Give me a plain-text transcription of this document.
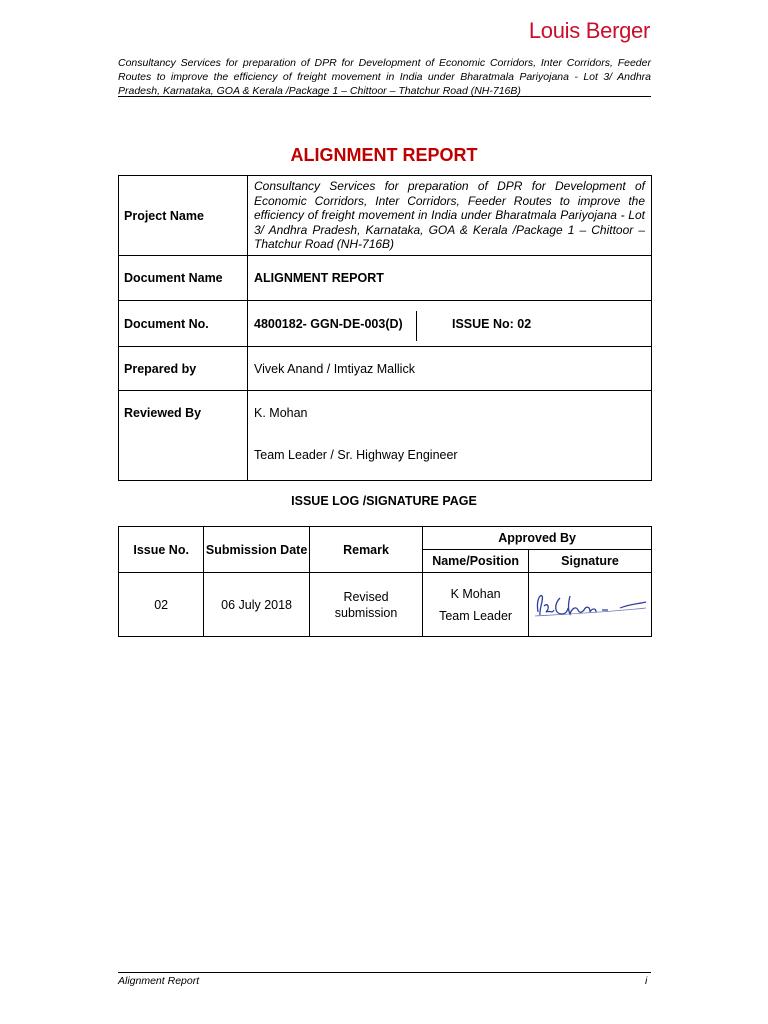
Louis Berger
Consultancy Services for preparation of DPR for Development of Economic Corridors, Inter Corridors, Feeder Routes to improve the efficiency of freight movement in India under Bharatmala Pariyojana - Lot 3/ Andhra Pradesh, Karnataka, GOA & Kerala /Package 1 – Chittoor – Thatchur Road (NH-716B)
ALIGNMENT REPORT
Project Name	Consultancy Services for preparation of DPR for Development of Economic Corridors, Inter Corridors, Feeder Routes to improve the efficiency of freight movement in India under Bharatmala Pariyojana - Lot 3/ Andhra Pradesh, Karnataka, GOA & Kerala /Package 1 – Chittoor – Thatchur Road (NH-716B)
Document Name	ALIGNMENT REPORT
Document No.	4800182- GGN-DE-003(D) ISSUE No: 02

Prepared by	Vivek Anand / Imtiyaz Mallick
Reviewed By	K. Mohan
Team Leader / Sr. Highway Engineer
ISSUE LOG /SIGNATURE PAGE
Issue No.	Submission Date	Remark	Approved By	
			Name/Position	Signature
02	06 July 2018	Revised submission	K Mohan
Team Leader

Alignment Report	i
